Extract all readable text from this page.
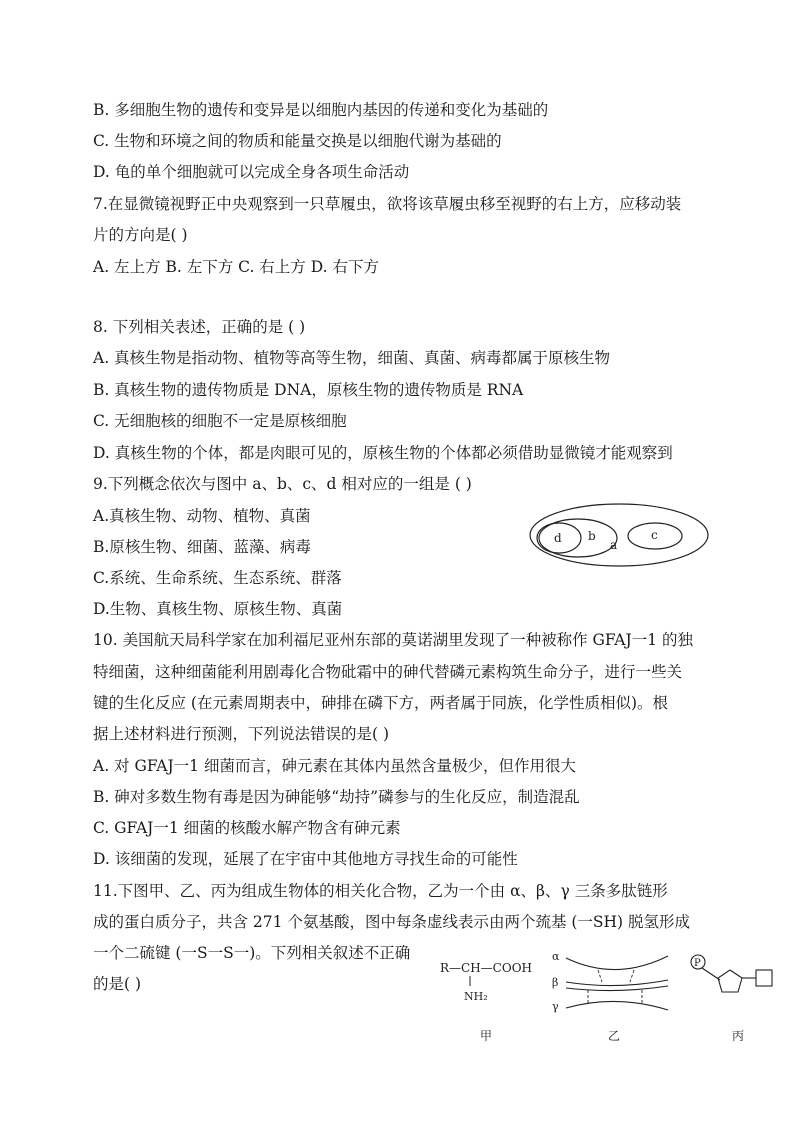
B. 多细胞生物的遗传和变异是以细胞内基因的传递和变化为基础的
C. 生物和环境之间的物质和能量交换是以细胞代谢为基础的
D. 龟的单个细胞就可以完成全身各项生命活动
7.在显微镜视野正中央观察到一只草履虫，欲将该草履虫移至视野的右上方，应移动装
片的方向是( )
A. 左上方 B. 左下方 C. 右上方 D. 右下方
8. 下列相关表述，正确的是 ( )
A. 真核生物是指动物、植物等高等生物，细菌、真菌、病毒都属于原核生物
B. 真核生物的遗传物质是 DNA，原核生物的遗传物质是 RNA
C. 无细胞核的细胞不一定是原核细胞
D. 真核生物的个体，都是肉眼可见的，原核生物的个体都必须借助显微镜才能观察到
9.下列概念依次与图中 a、b、c、d 相对应的一组是 ( )
A.真核生物、动物、植物、真菌
B.原核生物、细菌、蓝藻、病毒
C.系统、生命系统、生态系统、群落
D.生物、真核生物、原核生物、真菌
d b
a
c
10. 美国航天局科学家在加利福尼亚州东部的莫诺湖里发现了一种被称作 GFAJ一1 的独
特细菌，这种细菌能利用剧毒化合物砒霜中的砷代替磷元素构筑生命分子，进行一些关
键的生化反应 (在元素周期表中，砷排在磷下方，两者属于同族，化学性质相似)。根
据上述材料进行预测，下列说法错误的是( )
A. 对 GFAJ一1 细菌而言，砷元素在其体内虽然含量极少，但作用很大
B. 砷对多数生物有毒是因为砷能够“劫持”磷参与的生化反应，制造混乱
C. GFAJ一1 细菌的核酸水解产物含有砷元素
D. 该细菌的发现，延展了在宇宙中其他地方寻找生命的可能性
11.下图甲、乙、丙为组成生物体的相关化合物，乙为一个由 α、β、γ 三条多肽链形
成的蛋白质分子，共含 271 个氨基酸，图中每条虚线表示由两个巯基 (一SH) 脱氢形成
一个二硫键 (一S一S一)。下列相关叙述不正确
的是( )
R—CH—COOH
NH₂
甲
α
β
γ
乙
P
丙
